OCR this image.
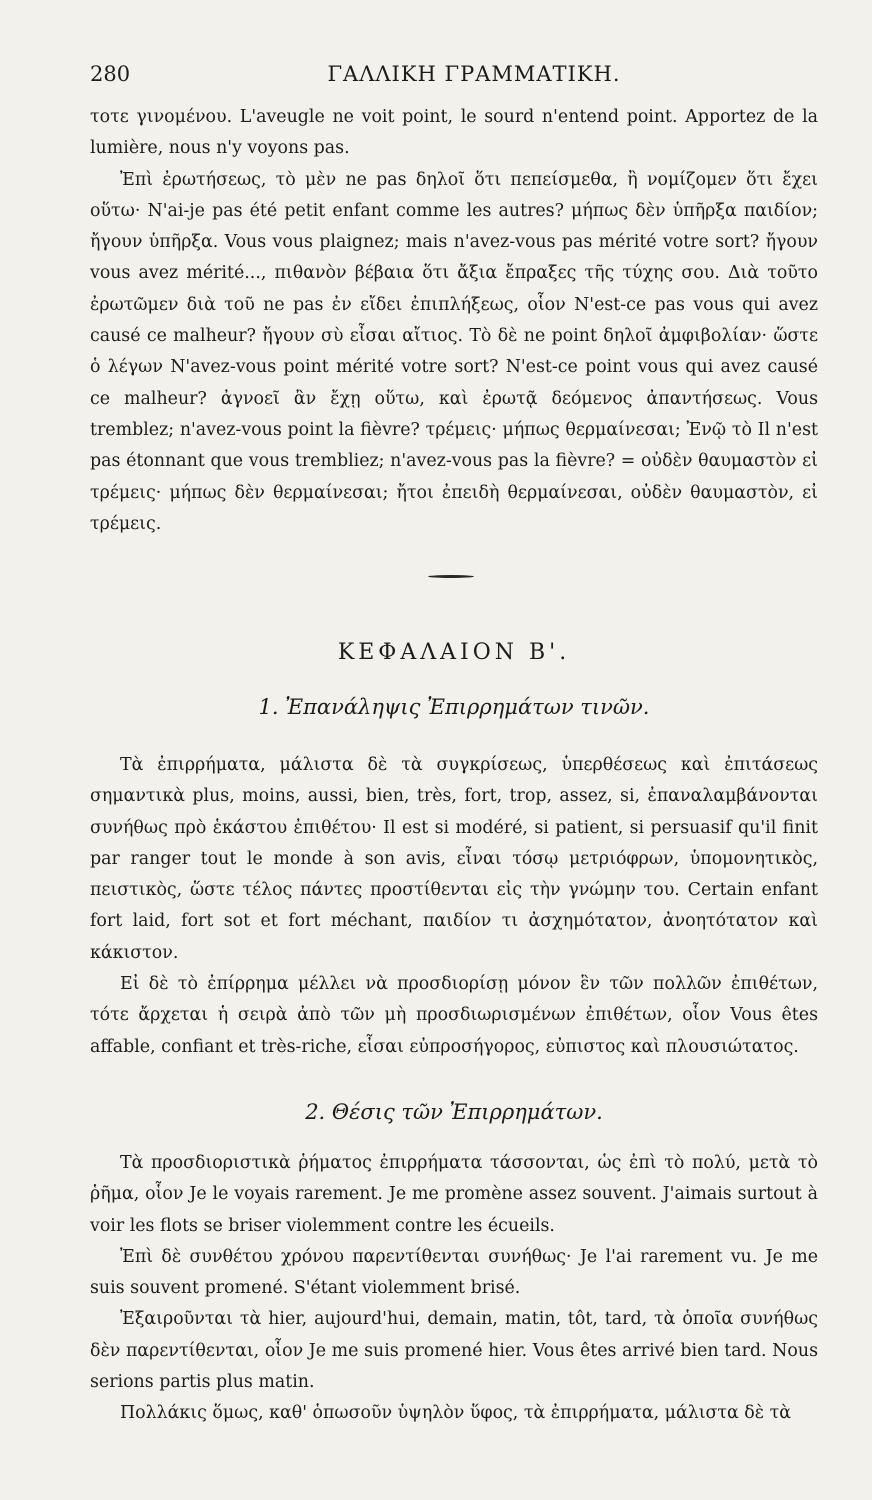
280	ΓΑΛΛΙΚΗ ΓΡΑΜΜΑΤΙΚΗ.

τοτε γινομένου. L'aveugle ne voit point, le sourd n'entend point. Apportez de la lumière, nous n'y voyons pas.

Ἐπὶ ἐρωτήσεως, τὸ μὲν ne pas δηλοῖ ὅτι πεπείσμεθα, ἢ νομίζομεν ὅτι ἔχει οὕτω· N'ai-je pas été petit enfant comme les autres? μήπως δὲν ὑπῆρξα παιδίον; ἤγουν ὑπῆρξα. Vous vous plaignez; mais n'avez-vous pas mérité votre sort? ἤγουν vous avez mérité..., πιθανὸν βέβαια ὅτι ἄξια ἔπραξες τῆς τύχης σου. Διὰ τοῦτο ἐρωτῶμεν διὰ τοῦ ne pas ἐν εἴδει ἐπιπλήξεως, οἷον N'est-ce pas vous qui avez causé ce malheur? ἤγουν σὺ εἶσαι αἴτιος. Τὸ δὲ ne point δηλοῖ ἀμφιβολίαν· ὥστε ὁ λέγων N'avez-vous point mérité votre sort? N'est-ce point vous qui avez causé ce malheur? ἀγνοεῖ ἂν ἔχῃ οὕτω, καὶ ἐρωτᾷ δεόμενος ἀπαντήσεως. Vous tremblez; n'avez-vous point la fièvre? τρέμεις· μήπως θερμαίνεσαι; Ἐνῷ τὸ Il n'est pas étonnant que vous trembliez; n'avez-vous pas la fièvre? = οὐδὲν θαυμαστὸν εἰ τρέμεις· μήπως δὲν θερμαίνεσαι; ἤτοι ἐπειδὴ θερμαίνεσαι, οὐδὲν θαυμαστὸν, εἰ τρέμεις.

ΚΕΦΑΛΑΙΟΝ Β'.
1. Ἐπανάληψις Ἐπιρρημάτων τινῶν.

Τὰ ἐπιρρήματα, μάλιστα δὲ τὰ συγκρίσεως, ὑπερθέσεως καὶ ἐπιτάσεως σημαντικὰ plus, moins, aussi, bien, très, fort, trop, assez, si, ἐπαναλαμβάνονται συνήθως πρὸ ἑκάστου ἐπιθέτου· Il est si modéré, si patient, si persuasif qu'il finit par ranger tout le monde à son avis, εἶναι τόσῳ μετριόφρων, ὑπομονητικὸς, πειστικὸς, ὥστε τέλος πάντες προστίθενται εἰς τὴν γνώμην του. Certain enfant fort laid, fort sot et fort méchant, παιδίον τι ἀσχημότατον, ἀνοητότατον καὶ κάκιστον.

Εἰ δὲ τὸ ἐπίρρημα μέλλει νὰ προσδιορίσῃ μόνον ἓν τῶν πολλῶν ἐπιθέτων, τότε ἄρχεται ἡ σειρὰ ἀπὸ τῶν μὴ προσδιωρισμένων ἐπιθέτων, οἷον Vous êtes affable, confiant et très-riche, εἶσαι εὐπροσήγορος, εὐπιστος καὶ πλουσιώτατος.

2. Θέσις τῶν Ἐπιρρημάτων.

Τὰ προσδιοριστικὰ ῥήματος ἐπιρρήματα τάσσονται, ὡς ἐπὶ τὸ πολύ, μετὰ τὸ ῥῆμα, οἷον Je le voyais rarement. Je me promène assez souvent. J'aimais surtout à voir les flots se briser violemment contre les écueils.

Ἐπὶ δὲ συνθέτου χρόνου παρεντίθενται συνήθως· Je l'ai rarement vu. Je me suis souvent promené. S'étant violemment brisé.

Ἐξαιροῦνται τὰ hier, aujourd'hui, demain, matin, tôt, tard, τὰ ὁποῖα συνήθως δὲν παρεντίθενται, οἷον Je me suis promené hier. Vous êtes arrivé bien tard. Nous serions partis plus matin.

Πολλάκις ὅμως, καθ' ὁπωσοῦν ὑψηλὸν ὕφος, τὰ ἐπιρρήματα, μάλιστα δὲ τὰ
